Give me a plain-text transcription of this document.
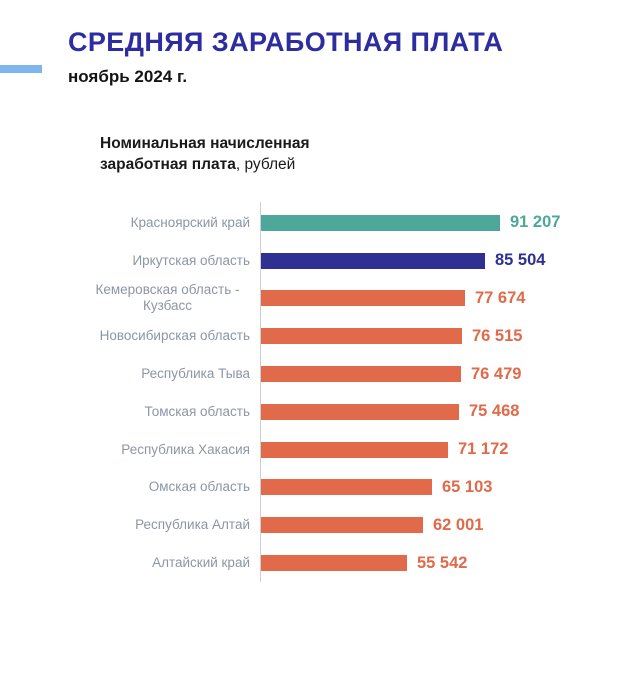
СРЕДНЯЯ ЗАРАБОТНАЯ ПЛАТА
ноябрь 2024 г.
Номинальная начисленная
заработная плата, рублей
Красноярский край	91 207
Иркутская область	85 504
Кемеровская область - Кузбасс	77 674
Новосибирская область	76 515
Республика Тыва	76 479
Томская область	75 468
Республика Хакасия	71 172
Омская область	65 103
Республика Алтай	62 001
Алтайский край	55 542
